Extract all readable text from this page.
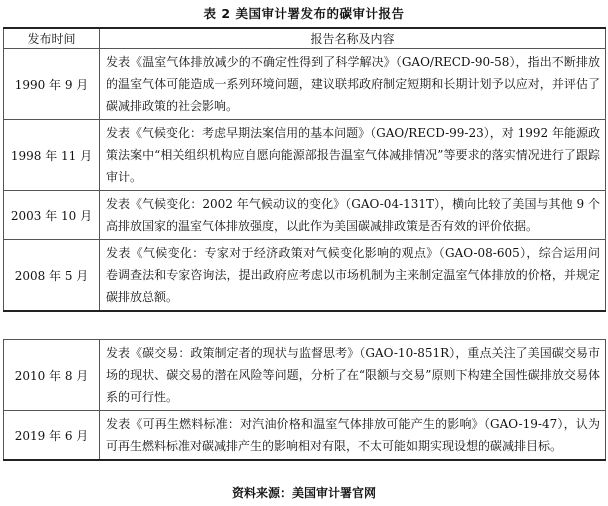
表 2 美国审计署发布的碳审计报告
发布时间	报告名称及内容
1990 年 9 月	发表《温室气体排放减少的不确定性得到了科学解决》（GAO/RECD-90-58），指出不断排放的温室气体可能造成一系列环境问题，建议联邦政府制定短期和长期计划予以应对，并评估了碳减排政策的社会影响。
1998 年 11 月	发表《气候变化：考虑早期法案信用的基本问题》（GAO/RECD-99-23），对 1992 年能源政策法案中“相关组织机构应自愿向能源部报告温室气体减排情况”等要求的落实情况进行了跟踪审计。
2003 年 10 月	发表《气候变化：2002 年气候动议的变化》（GAO-04-131T），横向比较了美国与其他 9 个高排放国家的温室气体排放强度，以此作为美国碳减排政策是否有效的评价依据。
2008 年 5 月	发表《气候变化：专家对于经济政策对气候变化影响的观点》（GAO-08-605），综合运用问卷调查法和专家咨询法，提出政府应考虑以市场机制为主来制定温室气体排放的价格，并规定碳排放总额。
2010 年 8 月	发表《碳交易：政策制定者的现状与监督思考》（GAO-10-851R），重点关注了美国碳交易市场的现状、碳交易的潜在风险等问题，分析了在“限额与交易”原则下构建全国性碳排放交易体系的可行性。
2019 年 6 月	发表《可再生燃料标准：对汽油价格和温室气体排放可能产生的影响》（GAO-19-47），认为可再生燃料标准对碳减排产生的影响相对有限，不太可能如期实现设想的碳减排目标。
资料来源：美国审计署官网
